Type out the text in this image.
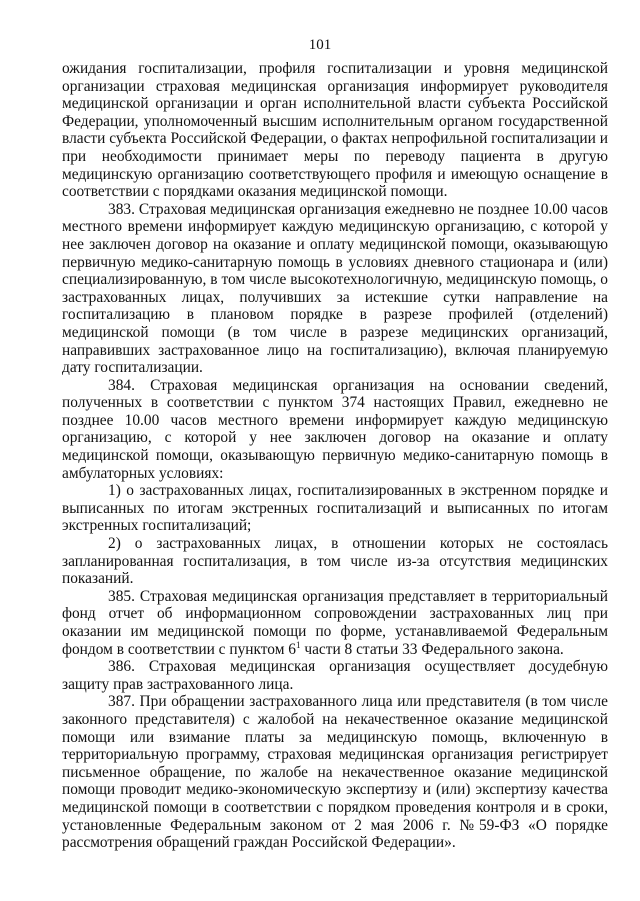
101

ожидания госпитализации, профиля госпитализации и уровня медицинской организации страховая медицинская организация информирует руководителя медицинской организации и орган исполнительной власти субъекта Российской Федерации, уполномоченный высшим исполнительным органом государственной власти субъекта Российской Федерации, о фактах непрофильной госпитализации и при необходимости принимает меры по переводу пациента в другую медицинскую организацию соответствующего профиля и имеющую оснащение в соответствии с порядками оказания медицинской помощи.

383. Страховая медицинская организация ежедневно не позднее 10.00 часов местного времени информирует каждую медицинскую организацию, с которой у нее заключен договор на оказание и оплату медицинской помощи, оказывающую первичную медико-санитарную помощь в условиях дневного стационара и (или) специализированную, в том числе высокотехнологичную, медицинскую помощь, о застрахованных лицах, получивших за истекшие сутки направление на госпитализацию в плановом порядке в разрезе профилей (отделений) медицинской помощи (в том числе в разрезе медицинских организаций, направивших застрахованное лицо на госпитализацию), включая планируемую дату госпитализации.

384. Страховая медицинская организация на основании сведений, полученных в соответствии с пунктом 374 настоящих Правил, ежедневно не позднее 10.00 часов местного времени информирует каждую медицинскую организацию, с которой у нее заключен договор на оказание и оплату медицинской помощи, оказывающую первичную медико-санитарную помощь в амбулаторных условиях:

1) о застрахованных лицах, госпитализированных в экстренном порядке и выписанных по итогам экстренных госпитализаций и выписанных по итогам экстренных госпитализаций;

2) о застрахованных лицах, в отношении которых не состоялась запланированная госпитализация, в том числе из-за отсутствия медицинских показаний.

385. Страховая медицинская организация представляет в территориальный фонд отчет об информационном сопровождении застрахованных лиц при оказании им медицинской помощи по форме, устанавливаемой Федеральным фондом в соответствии с пунктом $6^1$ части 8 статьи 33 Федерального закона.

386. Страховая медицинская организация осуществляет досудебную защиту прав застрахованного лица.

387. При обращении застрахованного лица или представителя (в том числе законного представителя) с жалобой на некачественное оказание медицинской помощи или взимание платы за медицинскую помощь, включенную в территориальную программу, страховая медицинская организация регистрирует письменное обращение, по жалобе на некачественное оказание медицинской помощи проводит медико-экономическую экспертизу и (или) экспертизу качества медицинской помощи в соответствии с порядком проведения контроля и в сроки, установленные Федеральным законом от 2 мая 2006 г. №59-ФЗ «О порядке рассмотрения обращений граждан Российской Федерации».
